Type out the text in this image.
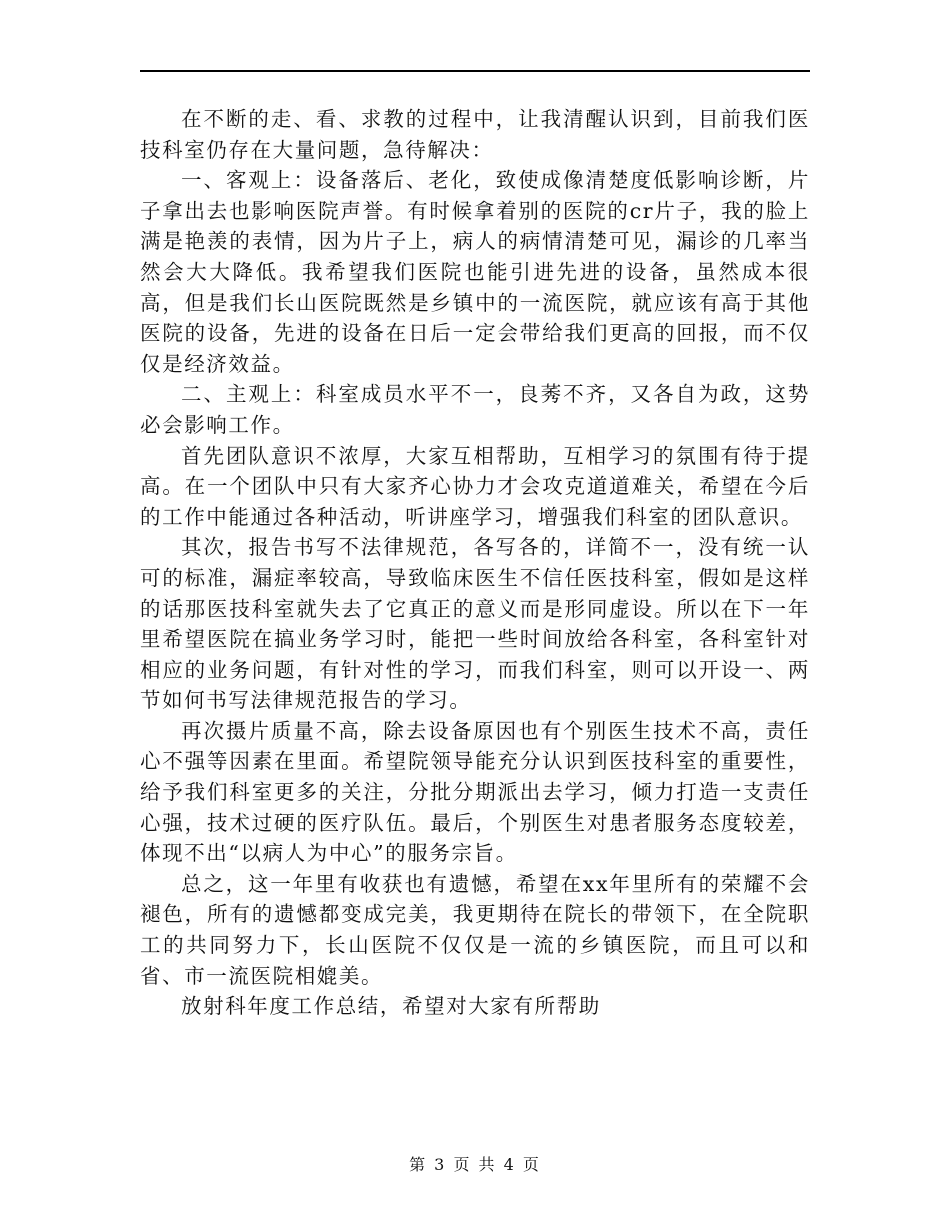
在不断的走、看、求教的过程中，让我清醒认识到，目前我们医技科室仍存在大量问题，急待解决：

一、客观上：设备落后、老化，致使成像清楚度低影响诊断，片子拿出去也影响医院声誉。有时候拿着别的医院的cr片子，我的脸上满是艳羡的表情，因为片子上，病人的病情清楚可见，漏诊的几率当然会大大降低。我希望我们医院也能引进先进的设备，虽然成本很高，但是我们长山医院既然是乡镇中的一流医院，就应该有高于其他医院的设备，先进的设备在日后一定会带给我们更高的回报，而不仅仅是经济效益。

二、主观上：科室成员水平不一，良莠不齐，又各自为政，这势必会影响工作。

首先团队意识不浓厚，大家互相帮助，互相学习的氛围有待于提高。在一个团队中只有大家齐心协力才会攻克道道难关，希望在今后的工作中能通过各种活动，听讲座学习，增强我们科室的团队意识。

其次，报告书写不法律规范，各写各的，详简不一，没有统一认可的标准，漏症率较高，导致临床医生不信任医技科室，假如是这样的话那医技科室就失去了它真正的意义而是形同虚设。所以在下一年里希望医院在搞业务学习时，能把一些时间放给各科室，各科室针对相应的业务问题，有针对性的学习，而我们科室，则可以开设一、两节如何书写法律规范报告的学习。

再次摄片质量不高，除去设备原因也有个别医生技术不高，责任心不强等因素在里面。希望院领导能充分认识到医技科室的重要性，给予我们科室更多的关注，分批分期派出去学习，倾力打造一支责任心强，技术过硬的医疗队伍。最后，个别医生对患者服务态度较差，体现不出“以病人为中心”的服务宗旨。

总之，这一年里有收获也有遗憾，希望在xx年里所有的荣耀不会褪色，所有的遗憾都变成完美，我更期待在院长的带领下，在全院职工的共同努力下，长山医院不仅仅是一流的乡镇医院，而且可以和省、市一流医院相媲美。

放射科年度工作总结，希望对大家有所帮助

第 3 页 共 4 页
